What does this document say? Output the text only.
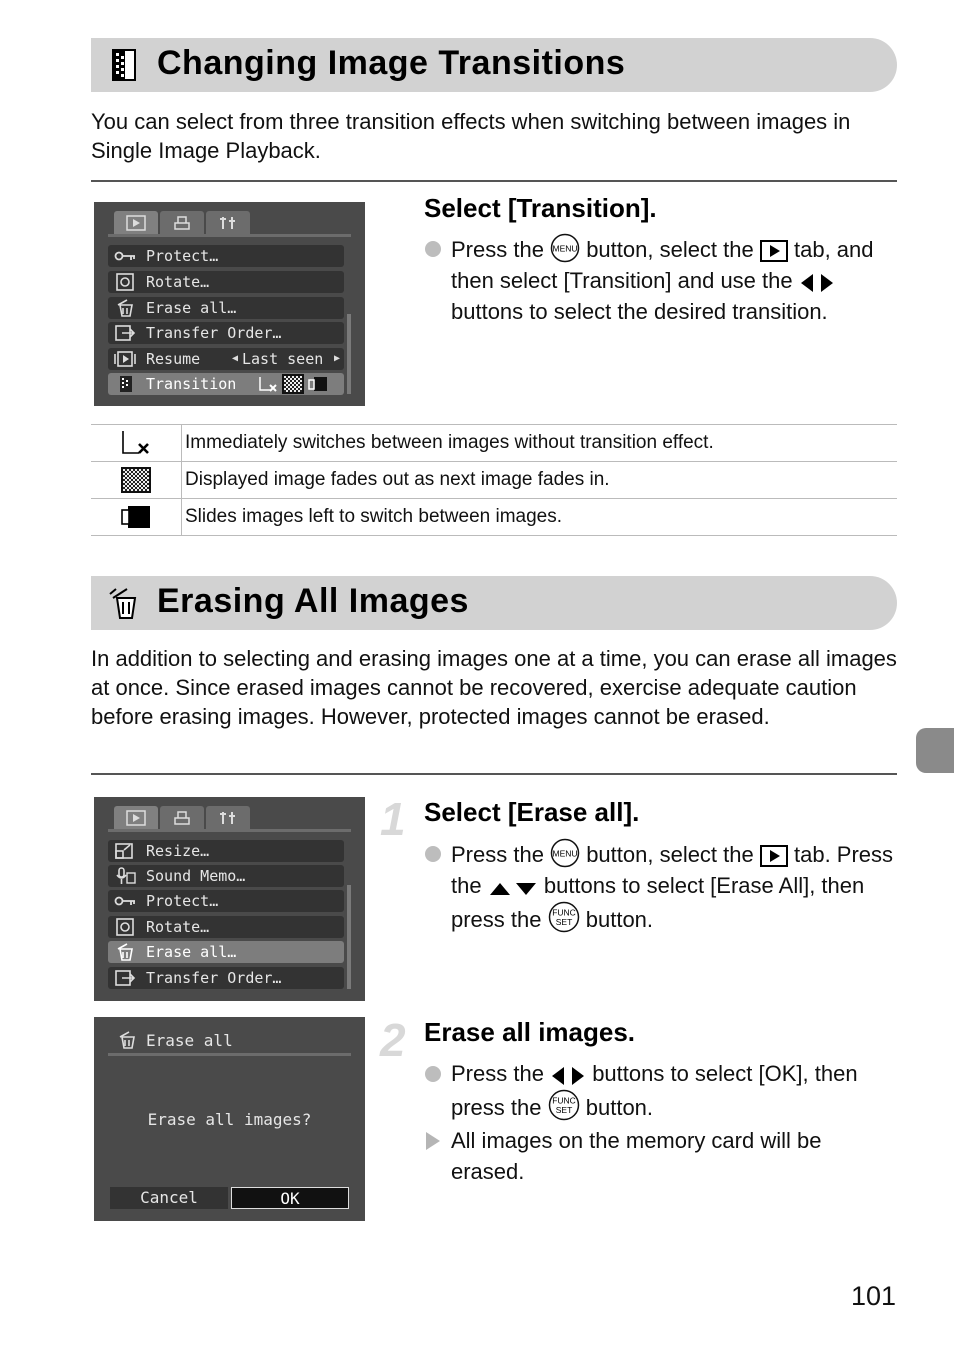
Changing Image Transitions
You can select from three transition effects when switching between images in Single Image Playback.
Protect…
Rotate…
Erase all…
Transfer Order…
Resume	◀ Last seen ▶
Transition
Select [Transition].
Press the MENU button, select the tab, and then select [Transition] and use the  buttons to select the desired transition.
Immediately switches between images without transition effect.
Displayed image fades out as next image fades in.
Slides images left to switch between images.
Erasing All Images
In addition to selecting and erasing images one at a time, you can erase all images at once. Since erased images cannot be recovered, exercise adequate caution before erasing images. However, protected images cannot be erased.
Resize…
Sound Memo…
Protect…
Rotate…
Erase all…
Transfer Order…
1 Select [Erase all].
Press the MENU button, select the tab. Press the	buttons to select [Erase All], then press the FUNC
SET button.
Erase all
Erase all images?
Cancel	OK
2 Erase all images.
Press the buttons to select [OK], then press the FUNC
SET button.
All images on the memory card will be erased.
101
